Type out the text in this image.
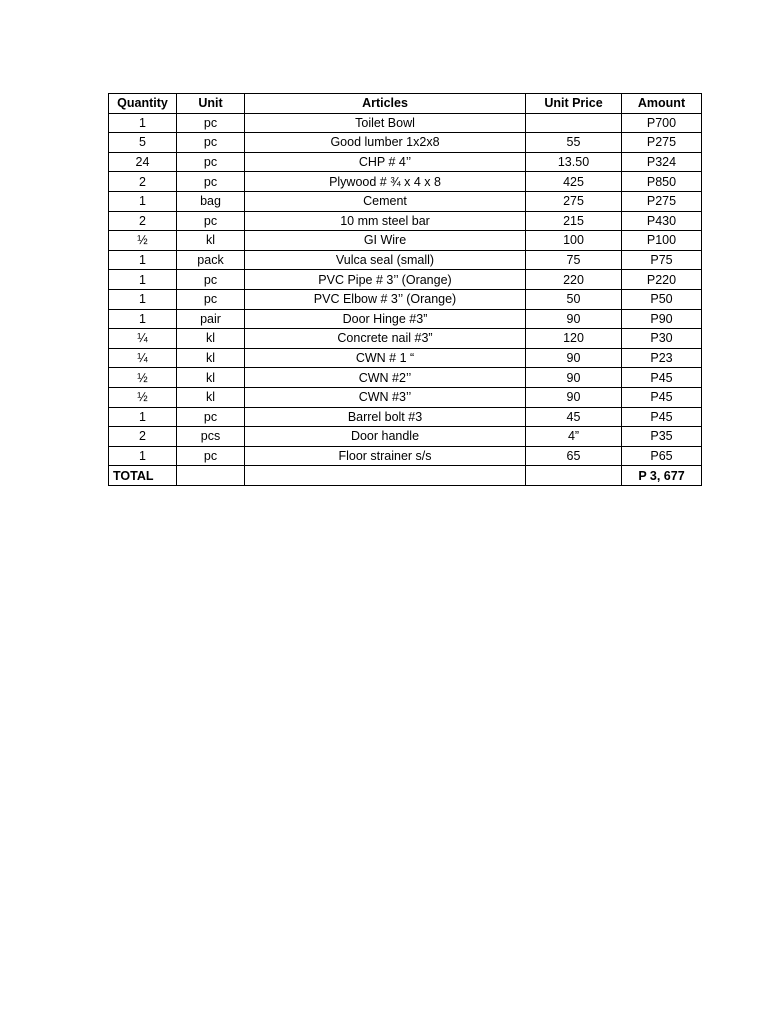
Quantity	Unit	Articles	Unit Price	Amount
1	pc	Toilet Bowl		P700
5	pc	Good lumber 1x2x8	55	P275
24	pc	CHP # 4’’	13.50	P324
2	pc	Plywood # ¾ x 4 x 8	425	P850
1	bag	Cement	275	P275
2	pc	10 mm steel bar	215	P430
½	kl	GI Wire	100	P100
1	pack	Vulca seal (small)	75	P75
1	pc	PVC Pipe # 3’’ (Orange)	220	P220
1	pc	PVC Elbow # 3’’ (Orange)	50	P50
1	pair	Door Hinge #3”	90	P90
¼	kl	Concrete nail #3”	120	P30
¼	kl	CWN # 1 “	90	P23
½	kl	CWN #2’’	90	P45
½	kl	CWN #3’’	90	P45
1	pc	Barrel bolt #3	45	P45
2	pcs	Door handle	4”	P35
1	pc	Floor strainer s/s	65	P65
TOTAL				P 3, 677
